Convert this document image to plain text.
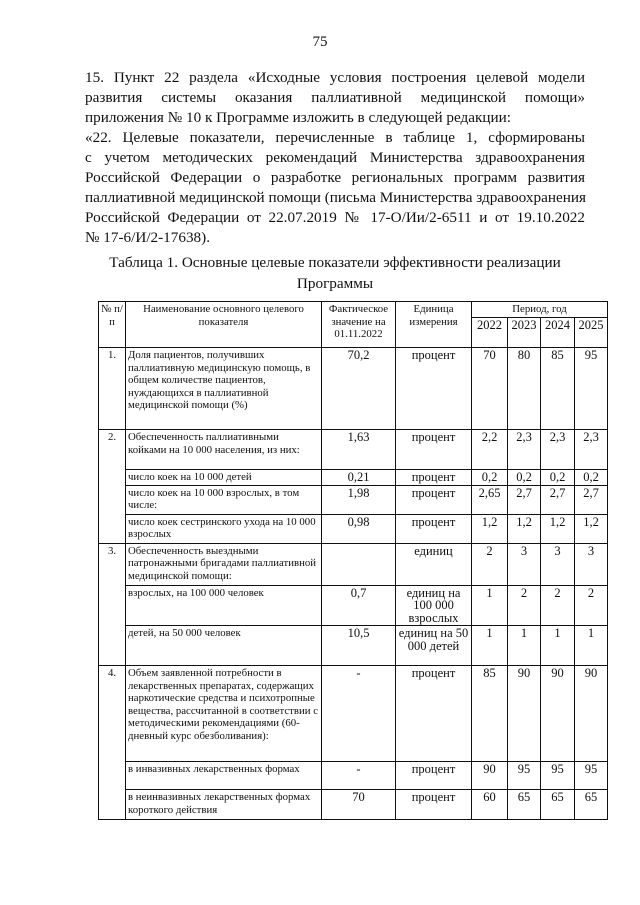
75
15. Пункт 22 раздела «Исходные условия построения целевой модели
развития системы оказания паллиативной медицинской помощи»
приложения № 10 к Программе изложить в следующей редакции:
«22. Целевые показатели, перечисленные в таблице 1, сформированы
с учетом методических рекомендаций Министерства здравоохранения
Российской Федерации о разработке региональных программ развития
паллиативной медицинской помощи (письма Министерства здравоохранения
Российской Федерации от 22.07.2019 № 17-О/Ии/2-6511 и от 19.10.2022
№ 17-6/И/2-17638).
Таблица 1. Основные целевые показатели эффективности реализации
Программы
№ п/п	Наименование основного целевого показателя	Фактическое значение на 01.11.2022	Единица измерения	Период, год			
				2022	2023	2024	2025
1.	Доля пациентов, получивших паллиативную медицинскую помощь, в общем количестве пациентов, нуждающихся в паллиативной медицинской помощи (%)	70,2	процент	70	80	85	95
2.	Обеспеченность паллиативными койками на 10 000 населения, из них:	1,63	процент	2,2	2,3	2,3	2,3
	число коек на 10 000 детей	0,21	процент	0,2	0,2	0,2	0,2
	число коек на 10 000 взрослых, в том числе:	1,98	процент	2,65	2,7	2,7	2,7
	число коек сестринского ухода на 10 000 взрослых	0,98	процент	1,2	1,2	1,2	1,2
3.	Обеспеченность выездными патронажными бригадами паллиативной медицинской помощи:		единиц	2	3	3	3
	взрослых, на 100 000 человек	0,7	единиц на 100 000 взрослых	1	2	2	2
	детей, на 50 000 человек	10,5	единиц на 50 000 детей	1	1	1	1
4.	Объем заявленной потребности в лекарственных препаратах, содержащих наркотические средства и психотропные вещества, рассчитанной в соответствии с методическими рекомендациями (60-дневный курс обезболивания):	-	процент	85	90	90	90
	в инвазивных лекарственных формах	-	процент	90	95	95	95
	в неинвазивных лекарственных формах короткого действия	70	процент	60	65	65	65
